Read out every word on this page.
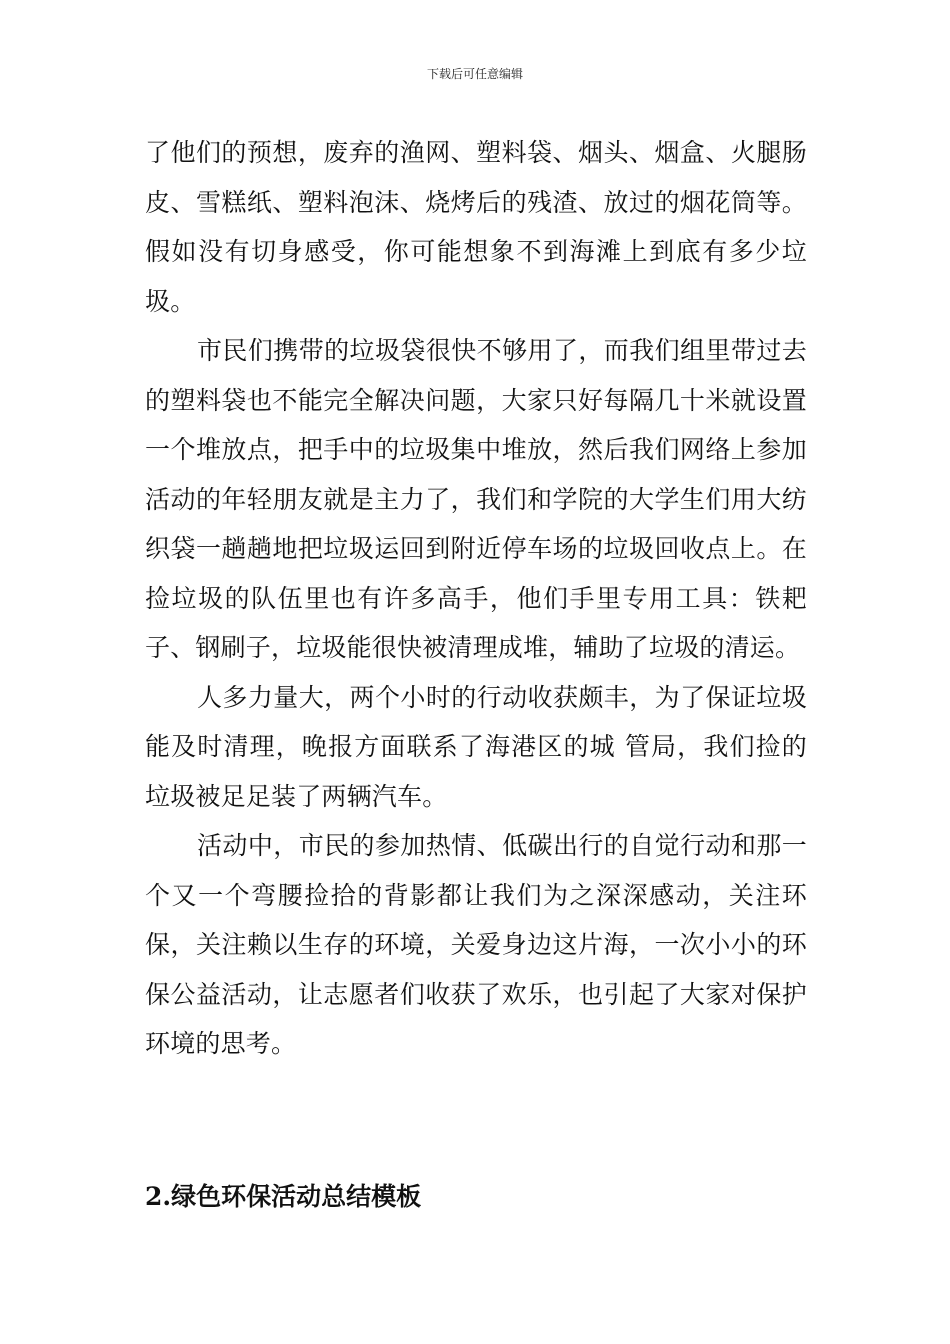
下载后可任意编辑

了他们的预想，废弃的渔网、塑料袋、烟头、烟盒、火腿肠皮、雪糕纸、塑料泡沫、烧烤后的残渣、放过的烟花筒等。假如没有切身感受，你可能想象不到海滩上到底有多少垃圾。

市民们携带的垃圾袋很快不够用了，而我们组里带过去的塑料袋也不能完全解决问题，大家只好每隔几十米就设置一个堆放点，把手中的垃圾集中堆放，然后我们网络上参加活动的年轻朋友就是主力了，我们和学院的大学生们用大纺织袋一趟趟地把垃圾运回到附近停车场的垃圾回收点上。在捡垃圾的队伍里也有许多高手，他们手里专用工具：铁耙子、钢刷子，垃圾能很快被清理成堆，辅助了垃圾的清运。

人多力量大，两个小时的行动收获颇丰，为了保证垃圾能及时清理，晚报方面联系了海港区的城 管局，我们捡的垃圾被足足装了两辆汽车。

活动中，市民的参加热情、低碳出行的自觉行动和那一个又一个弯腰捡拾的背影都让我们为之深深感动，关注环保，关注赖以生存的环境，关爱身边这片海，一次小小的环保公益活动，让志愿者们收获了欢乐，也引起了大家对保护环境的思考。

2.绿色环保活动总结模板
